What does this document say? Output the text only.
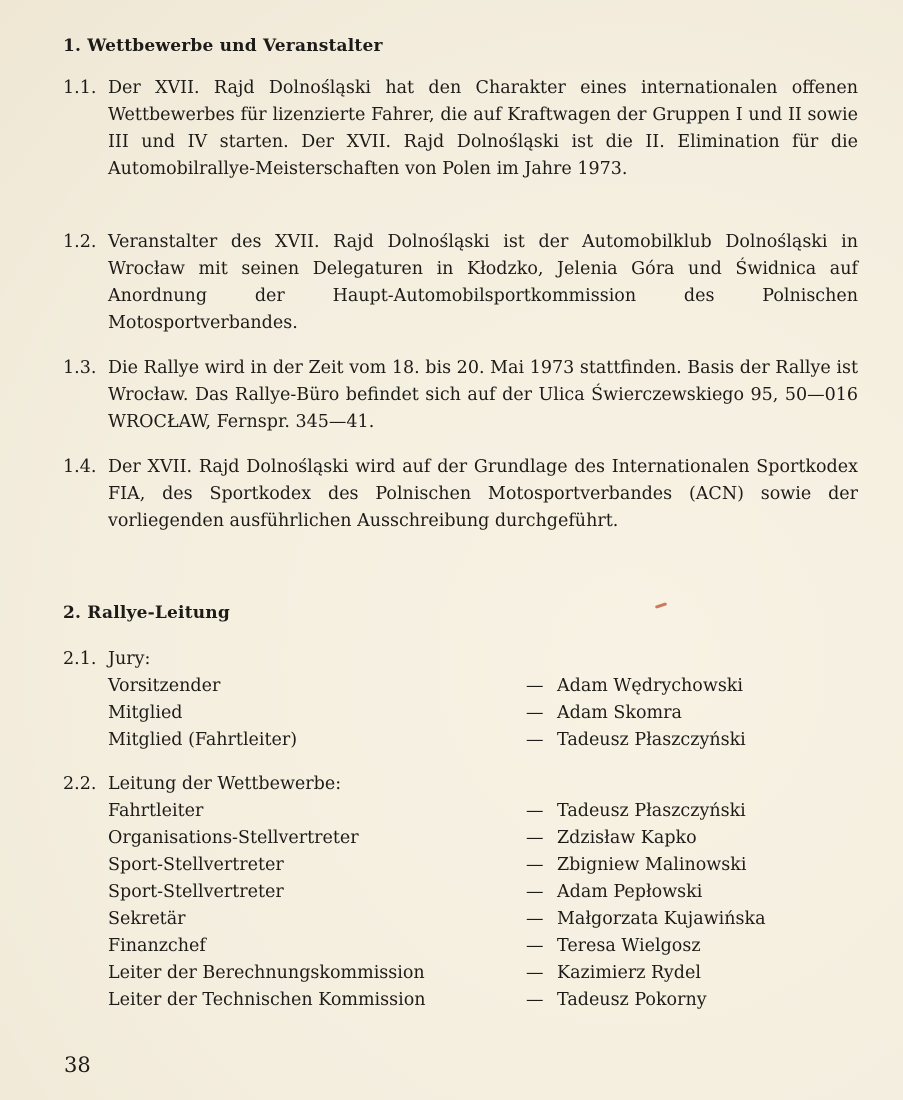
1. Wettbewerbe und Veranstalter
1.1. Der XVII. Rajd Dolnośląski hat den Charakter eines internationalen offenen Wettbewerbes für lizenzierte Fahrer, die auf Kraftwagen der Gruppen I und II sowie III und IV starten. Der XVII. Rajd Dolnośląski ist die II. Elimination für die Automobilrallye-Meisterschaften von Polen im Jahre 1973.
1.2. Veranstalter des XVII. Rajd Dolnośląski ist der Automobilklub Dolnośląski in Wrocław mit seinen Delegaturen in Kłodzko, Jelenia Góra und Świdnica auf Anordnung der Haupt-Automobilsportkommission des Polnischen Motosportverbandes.
1.3. Die Rallye wird in der Zeit vom 18. bis 20. Mai 1973 stattfinden. Basis der Rallye ist Wrocław. Das Rallye-Büro befindet sich auf der Ulica Świerczewskiego 95, 50—016 WROCŁAW, Fernspr. 345—41.
1.4. Der XVII. Rajd Dolnośląski wird auf der Grundlage des Internationalen Sportkodex FIA, des Sportkodex des Polnischen Motosportverbandes (ACN) sowie der vorliegenden ausführlichen Ausschreibung durchgeführt.
2. Rallye-Leitung
2.1. Jury:
Vorsitzender	— Adam Wędrychowski
Mitglied	— Adam Skomra
Mitglied (Fahrtleiter)	— Tadeusz Płaszczyński
2.2. Leitung der Wettbewerbe:
Fahrtleiter	— Tadeusz Płaszczyński
Organisations-Stellvertreter	— Zdzisław Kapko
Sport-Stellvertreter	— Zbigniew Malinowski
Sport-Stellvertreter	— Adam Pepłowski
Sekretär	— Małgorzata Kujawińska
Finanzchef	— Teresa Wielgosz
Leiter der Berechnungskommission	— Kazimierz Rydel
Leiter der Technischen Kommission	— Tadeusz Pokorny
38
